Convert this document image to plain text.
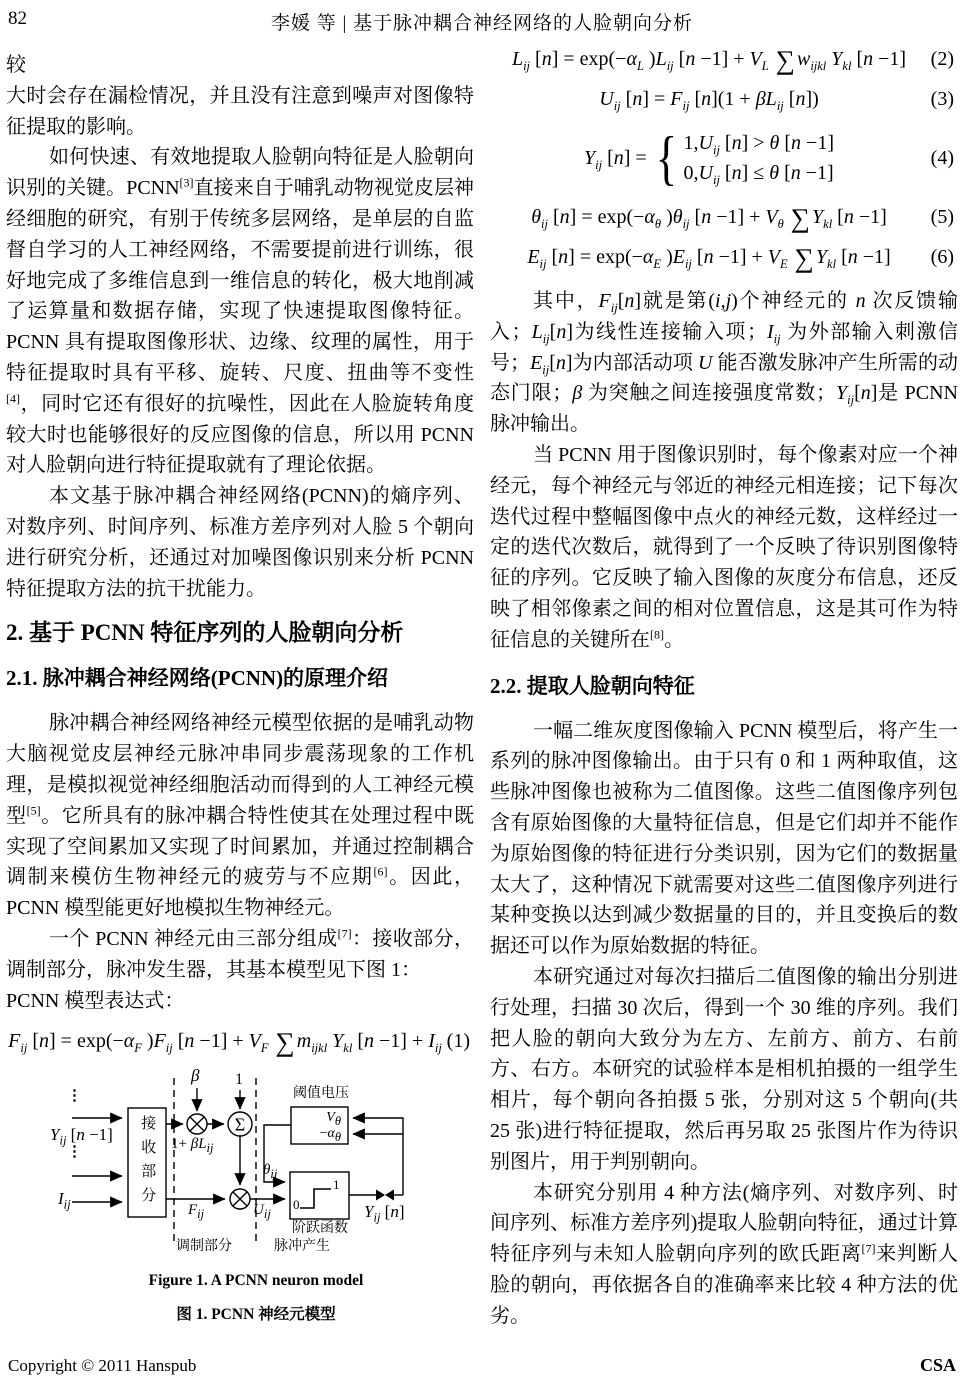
82	李媛 等 | 基于脉冲耦合神经网络的人脸朝向分析

较

大时会存在漏检情况，并且没有注意到噪声对图像特征提取的影响。

如何快速、有效地提取人脸朝向特征是人脸朝向识别的关键。PCNN[3]直接来自于哺乳动物视觉皮层神经细胞的研究，有别于传统多层网络，是单层的自监督自学习的人工神经网络，不需要提前进行训练，很好地完成了多维信息到一维信息的转化，极大地削减了运算量和数据存储，实现了快速提取图像特征。PCNN 具有提取图像形状、边缘、纹理的属性，用于特征提取时具有平移、旋转、尺度、扭曲等不变性[4]，同时它还有很好的抗噪性，因此在人脸旋转角度较大时也能够很好的反应图像的信息，所以用 PCNN 对人脸朝向进行特征提取就有了理论依据。

本文基于脉冲耦合神经网络(PCNN)的熵序列、对数序列、时间序列、标准方差序列对人脸 5 个朝向进行研究分析，还通过对加噪图像识别来分析 PCNN 特征提取方法的抗干扰能力。

2. 基于 PCNN 特征序列的人脸朝向分析
2.1. 脉冲耦合神经网络(PCNN)的原理介绍

脉冲耦合神经网络神经元模型依据的是哺乳动物大脑视觉皮层神经元脉冲串同步震荡现象的工作机理，是模拟视觉神经细胞活动而得到的人工神经元模型[5]。它所具有的脉冲耦合特性使其在处理过程中既实现了空间累加又实现了时间累加，并通过控制耦合调制来模仿生物神经元的疲劳与不应期[6]。因此，PCNN 模型能更好地模拟生物神经元。

一个 PCNN 神经元由三部分组成[7]：接收部分，调制部分，脉冲发生器，其基本模型见下图 1：

PCNN 模型表达式：

$F_{ij}$ $[n] = \exp(-\alpha_F$ )$F_{ij}$ $[n -1] + V_F$ ∑ $m_{ijkl}$ $Y_{kl}$ $[n -1] + I_{ij}$ (1)
Σ
⋮
$Y_{ij}$ [n −1]
⋮
$I_{ij}$
β 1
接收部分 $1+ \beta L_{ij}$
$F_{ij}$	$U_{ij}$
$\theta_{ij}$
阈值电压
$V_\theta$
$-\alpha_\theta$
0
1
阶跃函数
脉冲产生
调制部分
$Y_{ij}$ [n]
Figure 1. A PCNN neuron model
图 1. PCNN 神经元模型
$L_{ij}$ $[n] = \exp(-\alpha_L$ )$L_{ij}$ $[n -1] + V_L$ ∑ $w_{ijkl}$ $Y_{kl}$ [n −1]	(2)
$U_{ij}$ $[n] = F_{ij}$ $[n](1 + \beta L_{ij}$ [n])	(3)
$Y_{ij}$ [n] = { $1,U_{ij}$ [n] > θ [n −1]
$0,U_{ij}$ [n] ≤ θ [n −1]
(4)
$\theta_{ij}$ $[n] = \exp(-\alpha_\theta$ )$\theta_{ij}$ $[n -1] + V_\theta$ ∑ $Y_{kl}$ [n −1]	(5)
$E_{ij}$ $[n] = \exp(-\alpha_E$ )$E_{ij}$ $[n -1] + V_E$ ∑ $Y_{kl}$ [n −1]	(6)

其中，$F_{ij}[n]$就是第(i,j)个神经元的 n 次反馈输入；$L_{ij}[n]$为线性连接输入项；$I_{ij}$ 为外部输入刺激信号；$E_{ij}[n]$为内部活动项 U 能否激发脉冲产生所需的动态门限；β 为突触之间连接强度常数；$Y_{ij}[n]$是 PCNN 脉冲输出。

当 PCNN 用于图像识别时，每个像素对应一个神经元，每个神经元与邻近的神经元相连接；记下每次迭代过程中整幅图像中点火的神经元数，这样经过一定的迭代次数后，就得到了一个反映了待识别图像特征的序列。它反映了输入图像的灰度分布信息，还反映了相邻像素之间的相对位置信息，这是其可作为特征信息的关键所在[8]。

2.2. 提取人脸朝向特征

一幅二维灰度图像输入 PCNN 模型后，将产生一系列的脉冲图像输出。由于只有 0 和 1 两种取值，这些脉冲图像也被称为二值图像。这些二值图像序列包含有原始图像的大量特征信息，但是它们却并不能作为原始图像的特征进行分类识别，因为它们的数据量太大了，这种情况下就需要对这些二值图像序列进行某种变换以达到减少数据量的目的，并且变换后的数据还可以作为原始数据的特征。

本研究通过对每次扫描后二值图像的输出分别进行处理，扫描 30 次后，得到一个 30 维的序列。我们把人脸的朝向大致分为左方、左前方、前方、右前方、右方。本研究的试验样本是相机拍摄的一组学生相片，每个朝向各拍摄 5 张，分别对这 5 个朝向(共 25 张)进行特征提取，然后再另取 25 张图片作为待识别图片，用于判别朝向。

本研究分别用 4 种方法(熵序列、对数序列、时间序列、标准方差序列)提取人脸朝向特征，通过计算特征序列与未知人脸朝向序列的欧氏距离[7]来判断人脸的朝向，再依据各自的准确率来比较 4 种方法的优劣。

Copyright © 2011 Hanspub	CSA
